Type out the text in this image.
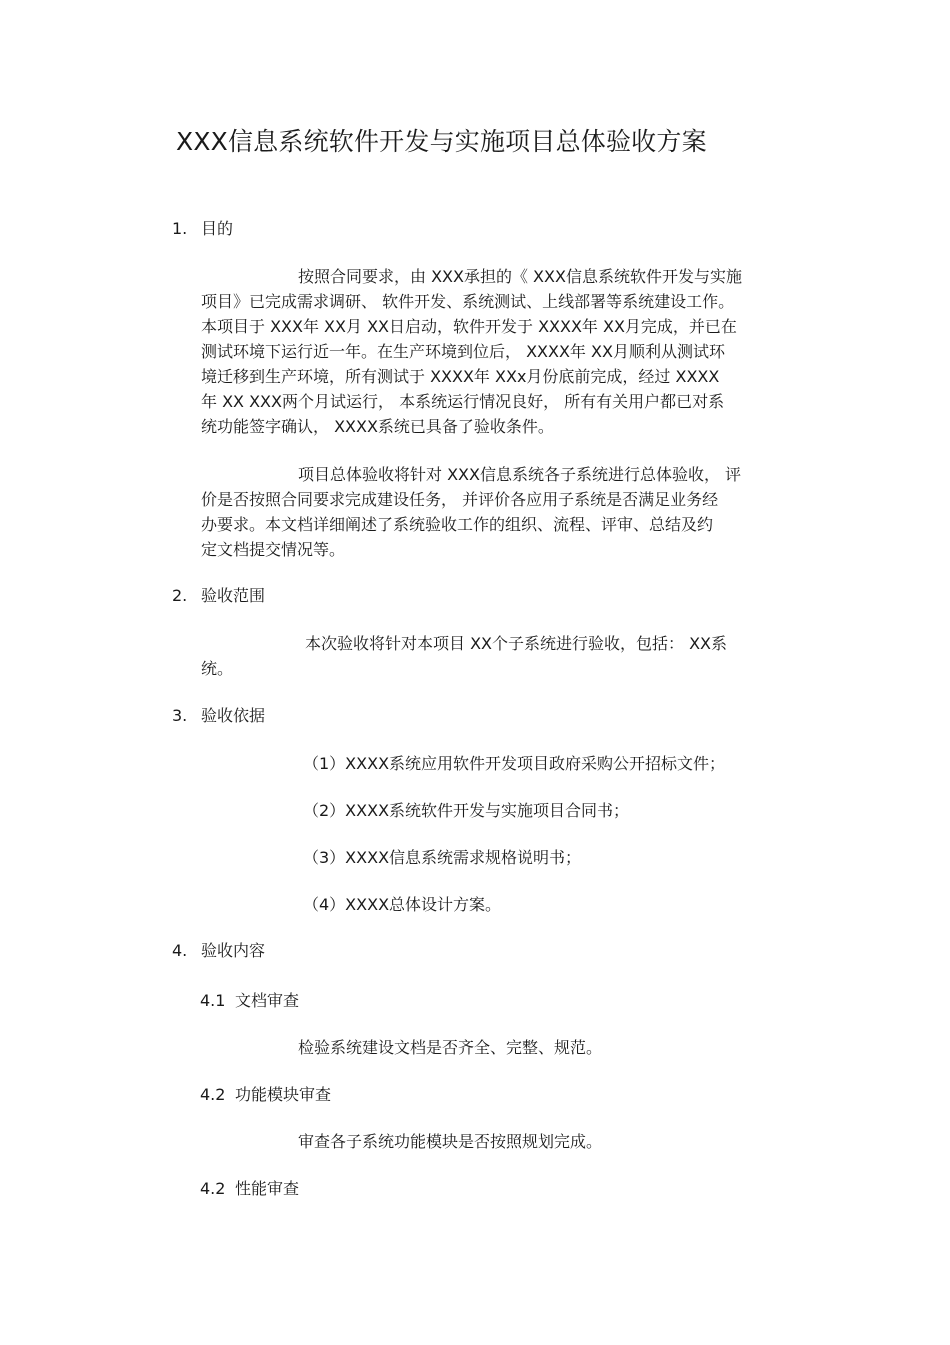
XXX信息系统软件开发与实施项目总体验收方案
1. 目的
按照合同要求，由 XXX承担的《 XXX信息系统软件开发与实施
项目》已完成需求调研、 软件开发、系统测试、上线部署等系统建设工作。
本项目于 XXX年 XX月 XX日启动，软件开发于 XXXX年 XX月完成，并已在
测试环境下运行近一年。在生产环境到位后， XXXX年 XX月顺利从测试环
境迁移到生产环境，所有测试于 XXXX年 XXx月份底前完成，经过 XXXX
年 XX XXX两个月试运行， 本系统运行情况良好， 所有有关用户都已对系
统功能签字确认， XXXX系统已具备了验收条件。
项目总体验收将针对 XXX信息系统各子系统进行总体验收， 评
价是否按照合同要求完成建设任务， 并评价各应用子系统是否满足业务经
办要求。本文档详细阐述了系统验收工作的组织、流程、评审、总结及约
定文档提交情况等。
2. 验收范围
本次验收将针对本项目 XX个子系统进行验收，包括： XX系
统。
3. 验收依据
（1）XXXX系统应用软件开发项目政府采购公开招标文件；
（2）XXXX系统软件开发与实施项目合同书；
（3）XXXX信息系统需求规格说明书；
（4）XXXX总体设计方案。
4. 验收内容
4.1 文档审查
检验系统建设文档是否齐全、完整、规范。
4.2 功能模块审查
审查各子系统功能模块是否按照规划完成。
4.2 性能审查
